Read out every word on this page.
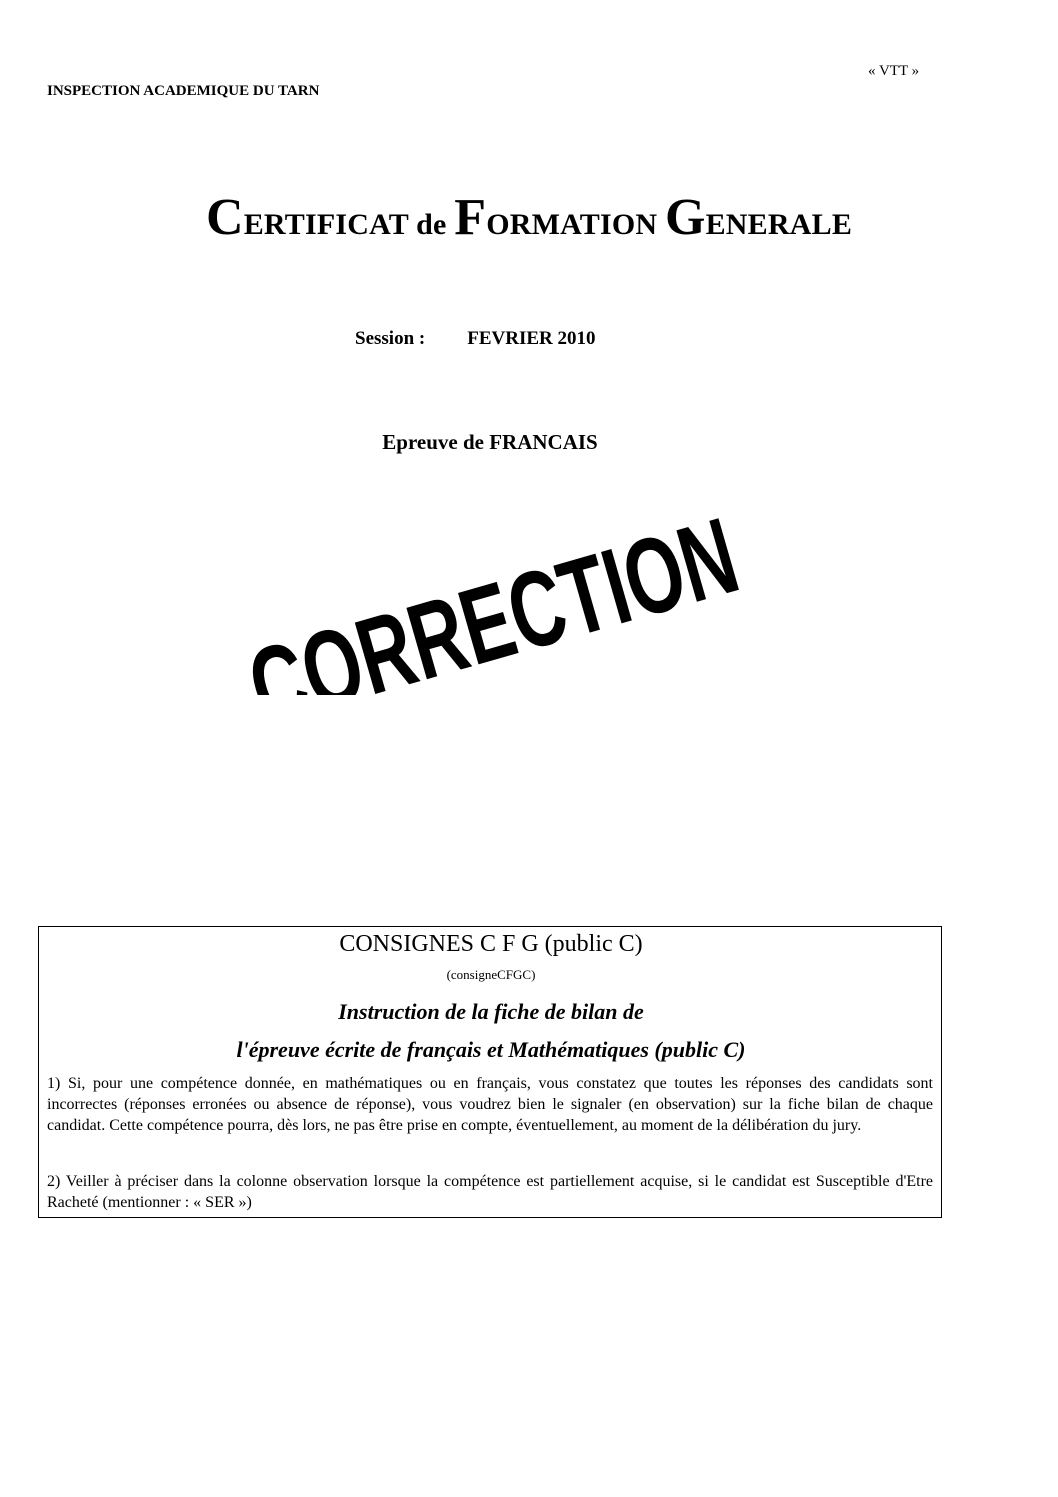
« VTT »
INSPECTION ACADEMIQUE DU TARN
CERTIFICAT de FORMATION GENERALE
Session : FEVRIER 2010
Epreuve de FRANCAIS
CORRECTION
CONSIGNES C F G (public C)
(consigneCFGC)
Instruction de la fiche de bilan de
l'épreuve écrite de français et Mathématiques (public C)
1) Si, pour une compétence donnée, en mathématiques ou en français, vous constatez que toutes les réponses des candidats sont incorrectes (réponses erronées ou absence de réponse), vous voudrez bien le signaler (en observation) sur la fiche bilan de chaque candidat. Cette compétence pourra, dès lors, ne pas être prise en compte, éventuellement, au moment de la délibération du jury.
2) Veiller à préciser dans la colonne observation lorsque la compétence est partiellement acquise, si le candidat est Susceptible d'Etre Racheté (mentionner : « SER »)
